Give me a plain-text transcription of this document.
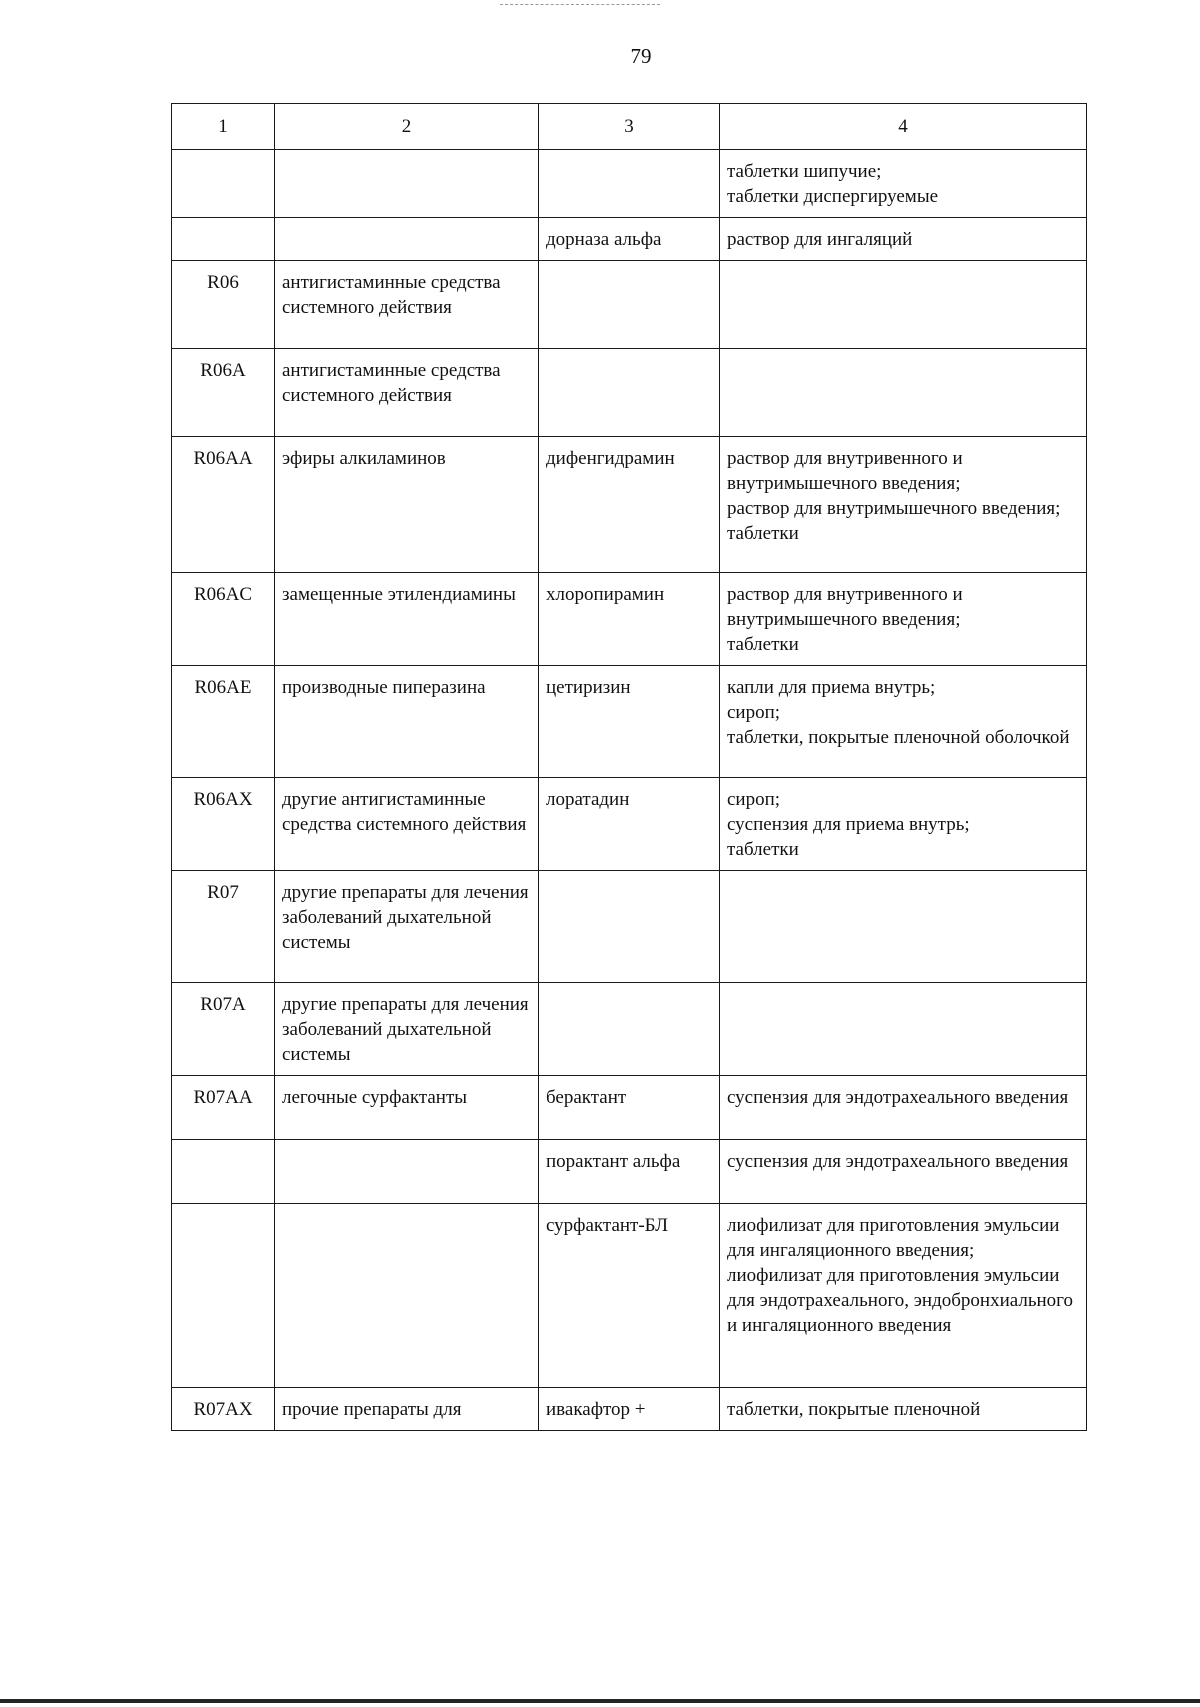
79
1	2	3	4

			таблетки шипучие;
таблетки диспергируемые

		дорназа альфа	раствор для ингаляций

R06	антигистаминные средства системного действия		
R06A	антигистаминные средства системного действия		
R06AA	эфиры алкиламинов	дифенгидрамин	раствор для внутривенного и внутримышечного введения;
раствор для внутримышечного введения;
таблетки

R06AC	замещенные этилендиамины	хлоропирамин	раствор для внутривенного и внутримышечного введения;
таблетки

R06AE	производные пиперазина	цетиризин	капли для приема внутрь;
сироп;
таблетки, покрытые пленочной оболочкой

R06AX	другие антигистаминные средства системного действия	лоратадин	сироп;
суспензия для приема внутрь;
таблетки

R07	другие препараты для лечения заболеваний дыхательной системы		
R07A	другие препараты для лечения заболеваний дыхательной системы		
R07AA	легочные сурфактанты	берактант	суспензия для эндотрахеального введения

		порактант альфа	суспензия для эндотрахеального введения

		сурфактант-БЛ	лиофилизат для приготовления эмульсии для ингаляционного введения;
лиофилизат для приготовления эмульсии для эндотрахеального, эндобронхиального и ингаляционного введения

R07AX	прочие препараты для	ивакафтор +	таблетки, покрытые пленочной
